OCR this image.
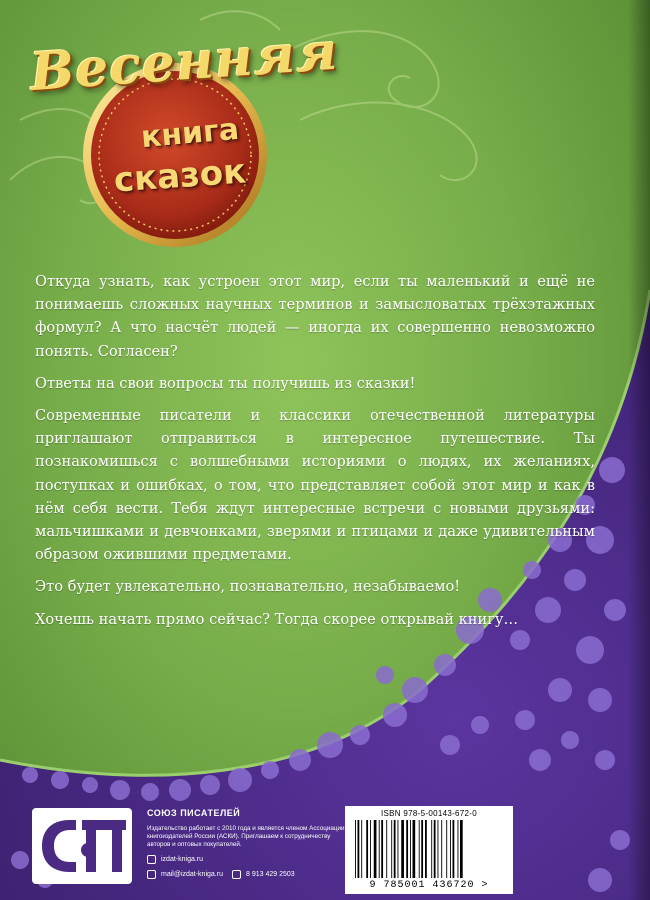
Весенняя
книга
сказок

Откуда узнать, как устроен этот мир, если ты маленький и ещё не понимаешь сложных научных терминов и замысловатых трёхэтажных формул? А что насчёт людей — иногда их совершенно невозможно понять. Согласен?

Ответы на свои вопросы ты получишь из сказки!

Современные писатели и классики отечественной литературы приглашают отправиться в интересное путешествие. Ты познакомишься с волшебными историями о людях, их желаниях, поступках и ошибках, о том, что представляет собой этот мир и как в нём себя вести. Тебя ждут интересные встречи с новыми друзьями: мальчишками и девчонками, зверями и птицами и даже удивительным образом ожившими предметами.

Это будет увлекательно, познавательно, незабываемо!

Хочешь начать прямо сейчас? Тогда скорее открывай книгу…

СОЮЗ ПИСАТЕЛЕЙ
Издательство работает с 2010 года и является членом Ассоциации книгоиздателей России (АСКИ). Приглашаем к сотрудничеству авторов и оптовых покупателей.
izdat-kniga.ru
mail@izdat-kniga.ru	8 913 429 2503
ISBN 978-5-00143-672-0
9 785001 436720 >
